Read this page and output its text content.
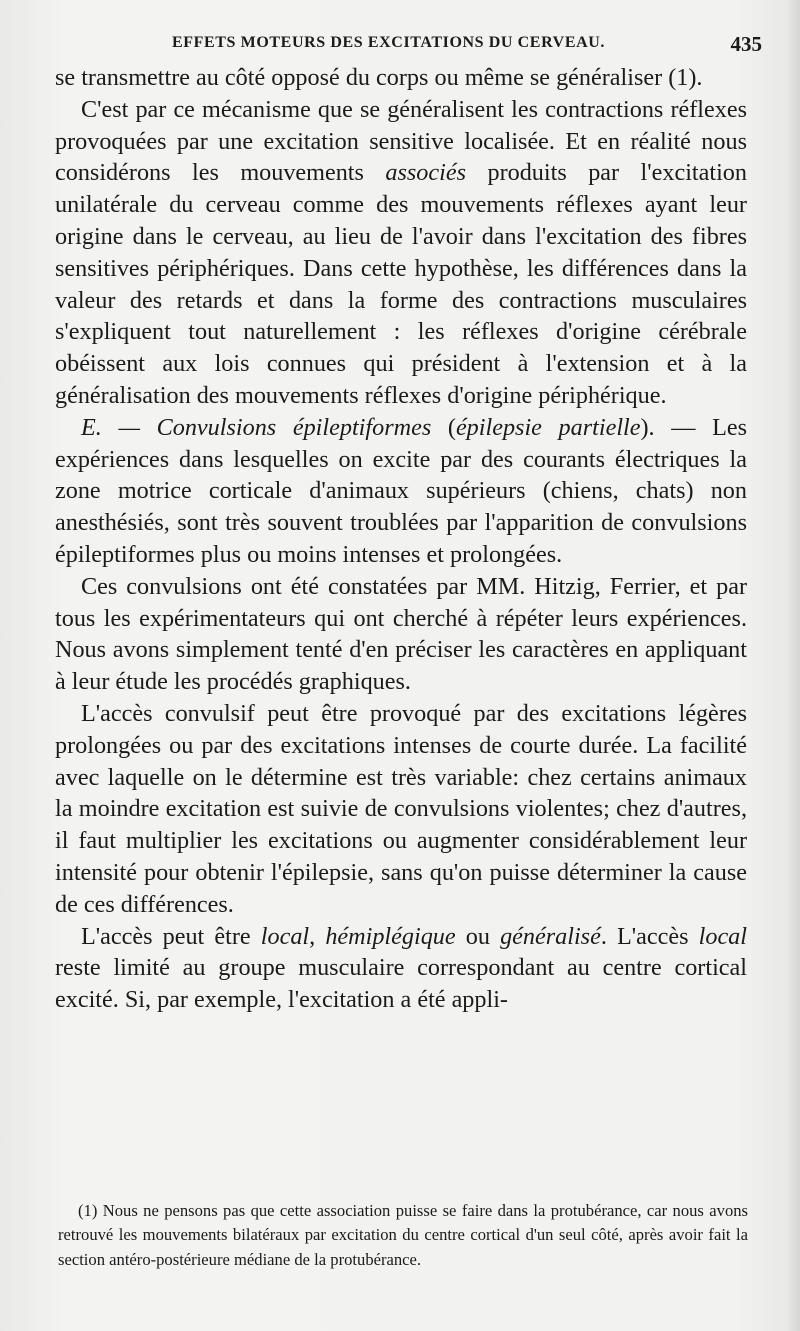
EFFETS MOTEURS DES EXCITATIONS DU CERVEAU.	435

se transmettre au côté opposé du corps ou même se généraliser (1).

C'est par ce mécanisme que se généralisent les contractions réflexes provoquées par une excitation sensitive localisée. Et en réalité nous considérons les mouvements associés produits par l'excitation unilatérale du cerveau comme des mouvements réflexes ayant leur origine dans le cerveau, au lieu de l'avoir dans l'excitation des fibres sensitives périphériques. Dans cette hypothèse, les différences dans la valeur des retards et dans la forme des contractions musculaires s'expliquent tout naturellement : les réflexes d'origine cérébrale obéissent aux lois connues qui président à l'extension et à la généralisation des mouvements réflexes d'origine périphérique.

E. — Convulsions épileptiformes (épilepsie partielle). — Les expériences dans lesquelles on excite par des courants électriques la zone motrice corticale d'animaux supérieurs (chiens, chats) non anesthésiés, sont très souvent troublées par l'apparition de convulsions épileptiformes plus ou moins intenses et prolongées.

Ces convulsions ont été constatées par MM. Hitzig, Ferrier, et par tous les expérimentateurs qui ont cherché à répéter leurs expériences. Nous avons simplement tenté d'en préciser les caractères en appliquant à leur étude les procédés graphiques.

L'accès convulsif peut être provoqué par des excitations légères prolongées ou par des excitations intenses de courte durée. La facilité avec laquelle on le détermine est très variable: chez certains animaux la moindre excitation est suivie de convulsions violentes; chez d'autres, il faut multiplier les excitations ou augmenter considérablement leur intensité pour obtenir l'épilepsie, sans qu'on puisse déterminer la cause de ces différences.

L'accès peut être local, hémiplégique ou généralisé. L'accès local reste limité au groupe musculaire correspondant au centre cortical excité. Si, par exemple, l'excitation a été appli-

(1) Nous ne pensons pas que cette association puisse se faire dans la protubérance, car nous avons retrouvé les mouvements bilatéraux par excitation du centre cortical d'un seul côté, après avoir fait la section antéro-postérieure médiane de la protubérance.
